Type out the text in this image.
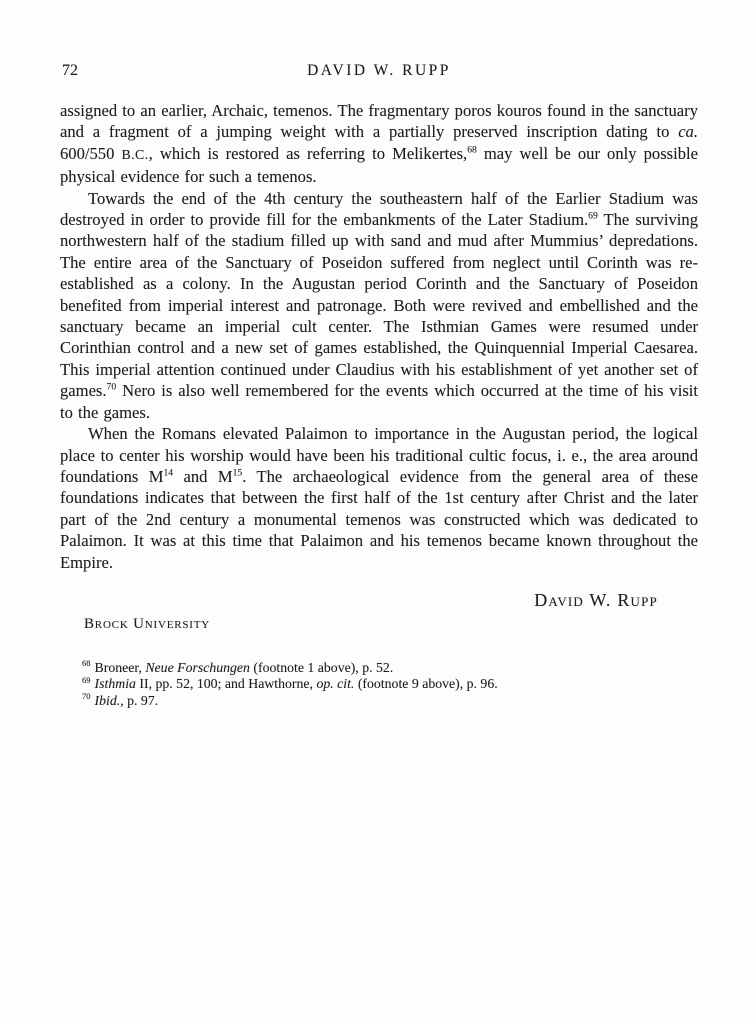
72	DAVID W. RUPP

assigned to an earlier, Archaic, temenos. The fragmentary poros kouros found in the sanctuary and a fragment of a jumping weight with a partially preserved inscription dating to ca. 600/550 B.C., which is restored as referring to Melikertes,$^{68}$ may well be our only possible physical evidence for such a temenos.

Towards the end of the 4th century the southeastern half of the Earlier Stadium was destroyed in order to provide fill for the embankments of the Later Stadium.$^{69}$ The surviving northwestern half of the stadium filled up with sand and mud after Mummius’ depredations. The entire area of the Sanctuary of Poseidon suffered from neglect until Corinth was re-established as a colony. In the Augustan period Corinth and the Sanctuary of Poseidon benefited from imperial interest and patronage. Both were revived and embellished and the sanctuary became an imperial cult center. The Isthmian Games were resumed under Corinthian control and a new set of games established, the Quinquennial Imperial Caesarea. This imperial attention continued under Claudius with his establishment of yet another set of games.$^{70}$ Nero is also well remembered for the events which occurred at the time of his visit to the games.

When the Romans elevated Palaimon to importance in the Augustan period, the logical place to center his worship would have been his traditional cultic focus, i. e., the area around foundations $M^{14}$ and $M^{15}$. The archaeological evidence from the general area of these foundations indicates that between the first half of the 1st century after Christ and the later part of the 2nd century a monumental temenos was constructed which was dedicated to Palaimon. It was at this time that Palaimon and his temenos became known throughout the Empire.

David W. Rupp
Brock University

$^{68}$ Broneer, Neue Forschungen (footnote 1 above), p. 52.

$^{69}$ Isthmia II, pp. 52, 100; and Hawthorne, op. cit. (footnote 9 above), p. 96.

$^{70}$ Ibid., p. 97.
